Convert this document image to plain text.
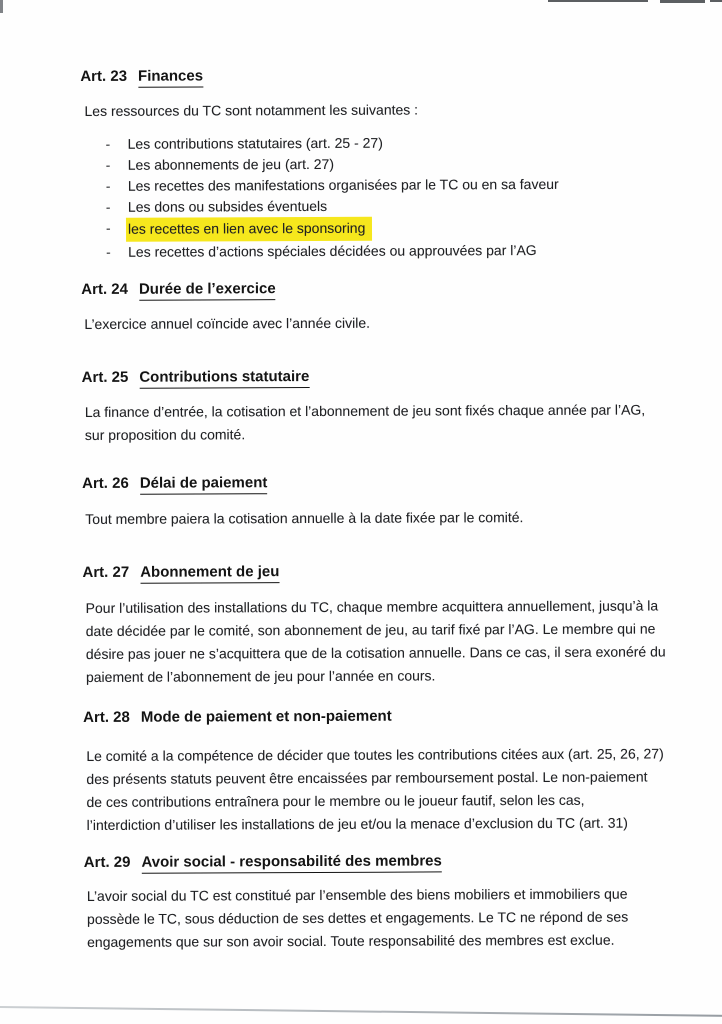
Art. 23 Finances

Les ressources du TC sont notamment les suivantes :

-	Les contributions statutaires (art. 25 - 27)
-	Les abonnements de jeu (art. 27)
-	Les recettes des manifestations organisées par le TC ou en sa faveur
-	Les dons ou subsides éventuels
-	les recettes en lien avec le sponsoring
-	Les recettes d’actions spéciales décidées ou approuvées par l’AG
Art. 24 Durée de l’exercice

L’exercice annuel coïncide avec l’année civile.

Art. 25 Contributions statutaire

La finance d’entrée, la cotisation et l’abonnement de jeu sont fixés chaque année par l’AG,
sur proposition du comité.

Art. 26 Délai de paiement

Tout membre paiera la cotisation annuelle à la date fixée par le comité.

Art. 27 Abonnement de jeu

Pour l’utilisation des installations du TC, chaque membre acquittera annuellement, jusqu’à la
date décidée par le comité, son abonnement de jeu, au tarif fixé par l’AG. Le membre qui ne
désire pas jouer ne s’acquittera que de la cotisation annuelle. Dans ce cas, il sera exonéré du
paiement de l’abonnement de jeu pour l’année en cours.

Art. 28 Mode de paiement et non-paiement

Le comité a la compétence de décider que toutes les contributions citées aux (art. 25, 26, 27)
des présents statuts peuvent être encaissées par remboursement postal. Le non-paiement
de ces contributions entraînera pour le membre ou le joueur fautif, selon les cas,
l’interdiction d’utiliser les installations de jeu et/ou la menace d’exclusion du TC (art. 31)

Art. 29 Avoir social - responsabilité des membres

L’avoir social du TC est constitué par l’ensemble des biens mobiliers et immobiliers que
possède le TC, sous déduction de ses dettes et engagements. Le TC ne répond de ses
engagements que sur son avoir social. Toute responsabilité des membres est exclue.
